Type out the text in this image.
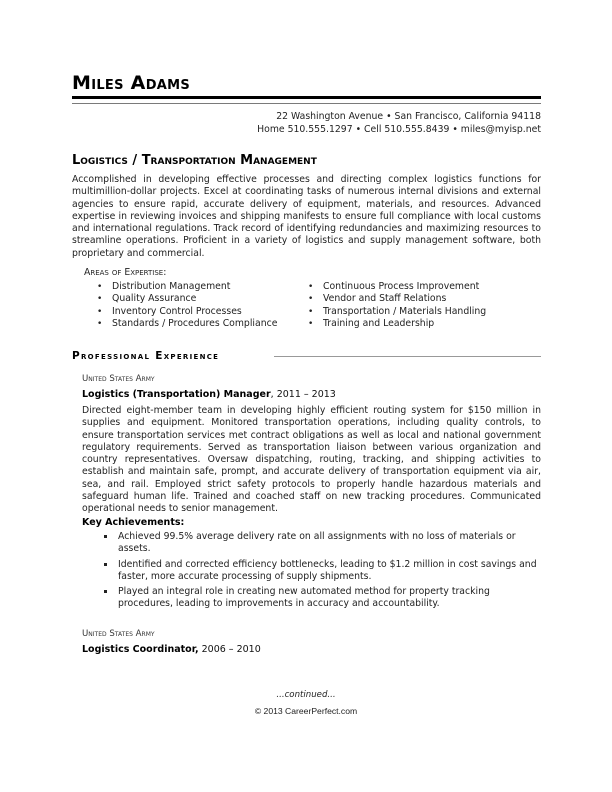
Miles Adams
22 Washington Avenue • San Francisco, California 94118
Home 510.555.1297 • Cell 510.555.8439 • miles@myisp.net
Logistics / Transportation Management
Accomplished in developing effective processes and directing complex logistics functions for multimillion-dollar projects. Excel at coordinating tasks of numerous internal divisions and external agencies to ensure rapid, accurate delivery of equipment, materials, and resources. Advanced expertise in reviewing invoices and shipping manifests to ensure full compliance with local customs and international regulations. Track record of identifying redundancies and maximizing resources to streamline operations. Proficient in a variety of logistics and supply management software, both proprietary and commercial.
Areas of Expertise:
• Distribution Management
• Quality Assurance
• Inventory Control Processes
• Standards / Procedures Compliance
• Continuous Process Improvement
• Vendor and Staff Relations
• Transportation / Materials Handling
• Training and Leadership
Professional Experience
United States Army
Logistics (Transportation) Manager, 2011 – 2013
Directed eight-member team in developing highly efficient routing system for $150 million in supplies and equipment. Monitored transportation operations, including quality controls, to ensure transportation services met contract obligations as well as local and national government regulatory requirements. Served as transportation liaison between various organization and country representatives. Oversaw dispatching, routing, tracking, and shipping activities to establish and maintain safe, prompt, and accurate delivery of transportation equipment via air, sea, and rail. Employed strict safety protocols to properly handle hazardous materials and safeguard human life. Trained and coached staff on new tracking procedures. Communicated operational needs to senior management.
Key Achievements:
Achieved 99.5% average delivery rate on all assignments with no loss of materials or assets.
Identified and corrected efficiency bottlenecks, leading to $1.2 million in cost savings and faster, more accurate processing of supply shipments.
Played an integral role in creating new automated method for property tracking procedures, leading to improvements in accuracy and accountability.
United States Army
Logistics Coordinator, 2006 – 2010
...continued...
© 2013 CareerPerfect.com
